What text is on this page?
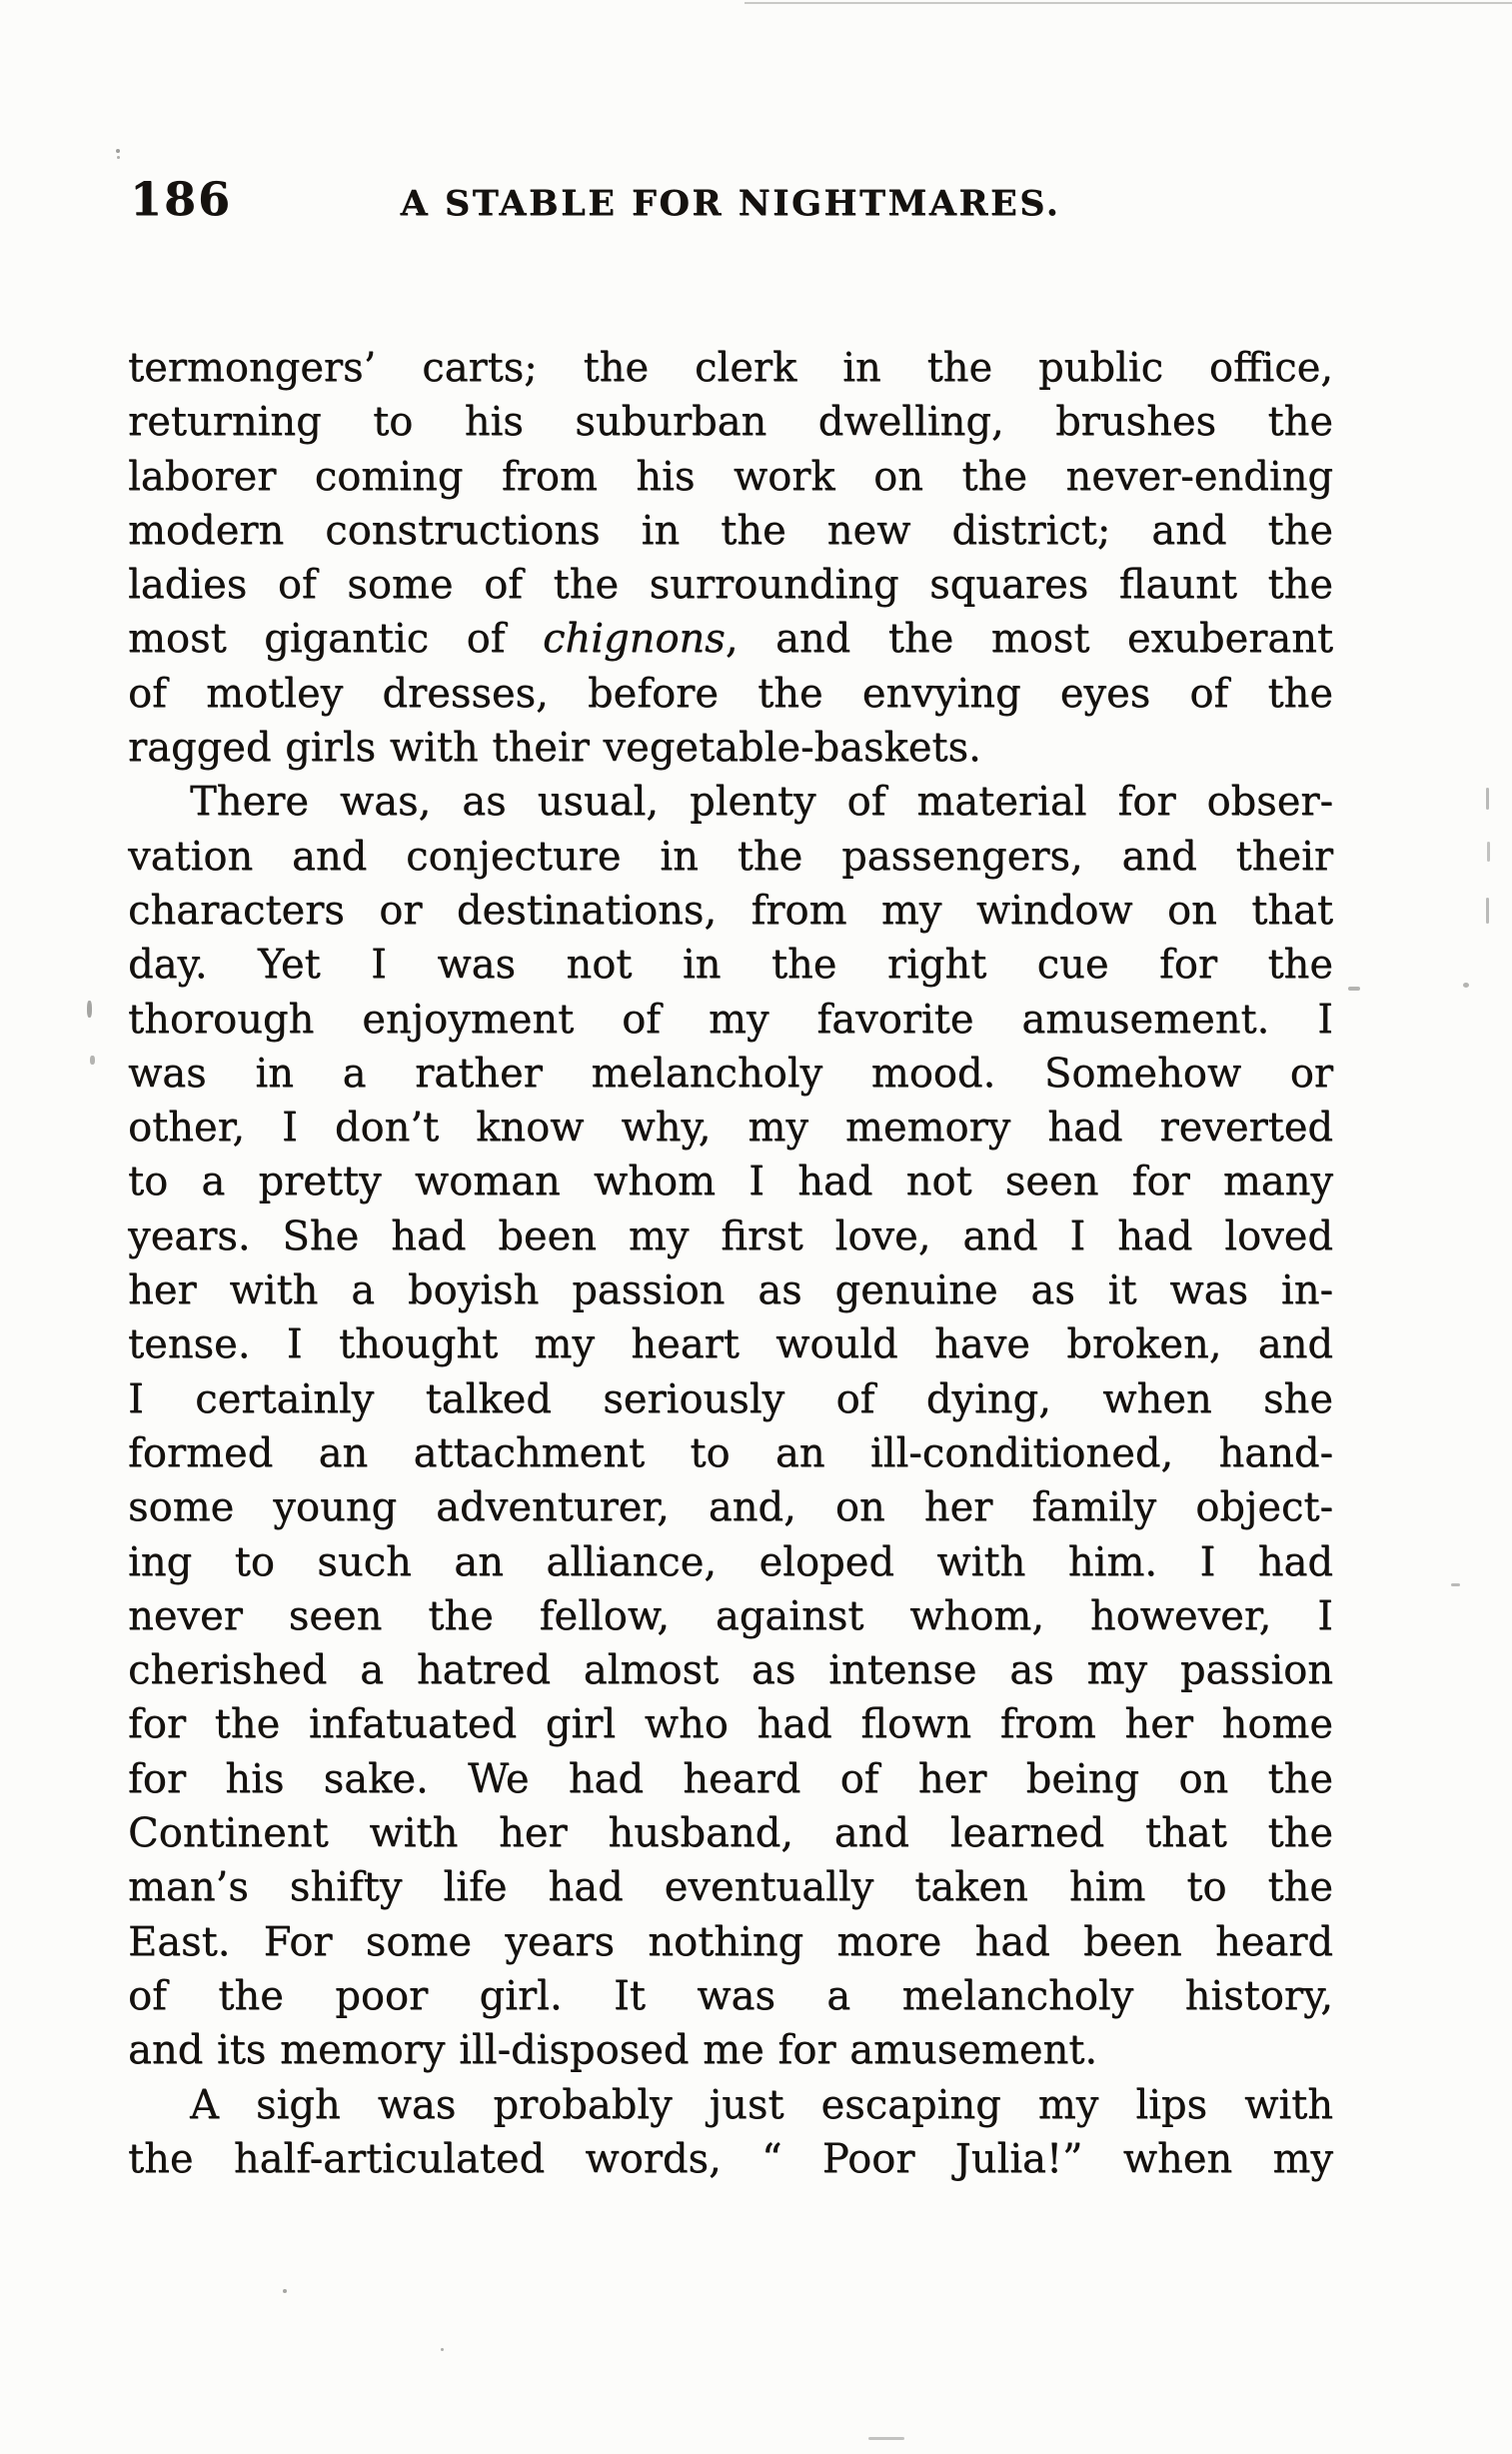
186	A STABLE FOR NIGHTMARES.
termongers’ carts; the clerk in the public office,
returning to his suburban dwelling, brushes the
laborer coming from his work on the never-ending
modern constructions in the new district; and the
ladies of some of the surrounding squares flaunt the
most gigantic of chignons, and the most exuberant
of motley dresses, before the envying eyes of the
ragged girls with their vegetable-baskets.
There was, as usual, plenty of material for obser-
vation and conjecture in the passengers, and their
characters or destinations, from my window on that
day. Yet I was not in the right cue for the
thorough enjoyment of my favorite amusement. I
was in a rather melancholy mood. Somehow or
other, I don’t know why, my memory had reverted
to a pretty woman whom I had not seen for many
years. She had been my first love, and I had loved
her with a boyish passion as genuine as it was in-
tense. I thought my heart would have broken, and
I certainly talked seriously of dying, when she
formed an attachment to an ill-conditioned, hand-
some young adventurer, and, on her family object-
ing to such an alliance, eloped with him. I had
never seen the fellow, against whom, however, I
cherished a hatred almost as intense as my passion
for the infatuated girl who had flown from her home
for his sake. We had heard of her being on the
Continent with her husband, and learned that the
man’s shifty life had eventually taken him to the
East. For some years nothing more had been heard
of the poor girl. It was a melancholy history,
and its memory ill-disposed me for amusement.
A sigh was probably just escaping my lips with
the half-articulated words, “ Poor Julia!” when my
